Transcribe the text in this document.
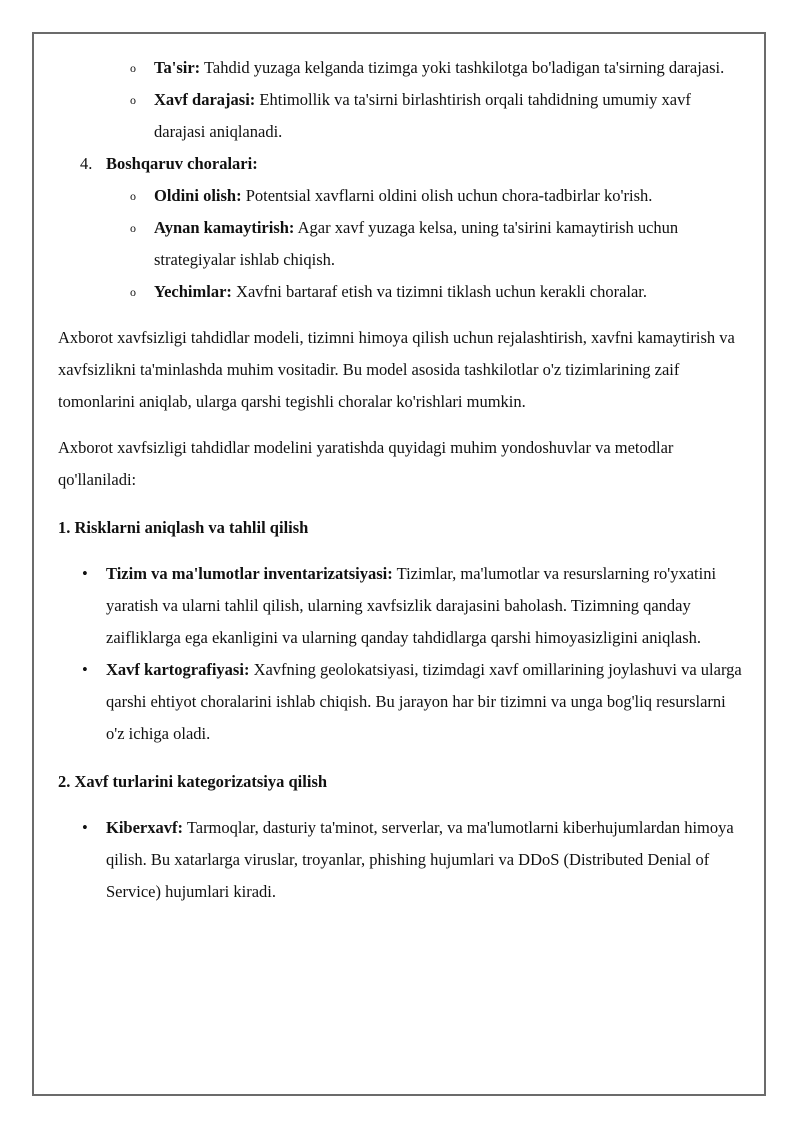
o Ta'sir: Tahdid yuzaga kelganda tizimga yoki tashkilotga bo'ladigan ta'sirning darajasi.
o Xavf darajasi: Ehtimollik va ta'sirni birlashtirish orqali tahdidning umumiy xavf darajasi aniqlanadi.
4. Boshqaruv choralari:
o Oldini olish: Potentsial xavflarni oldini olish uchun chora-tadbirlar ko'rish.
o Aynan kamaytirish: Agar xavf yuzaga kelsa, uning ta'sirini kamaytirish uchun strategiyalar ishlab chiqish.
o Yechimlar: Xavfni bartaraf etish va tizimni tiklash uchun kerakli choralar.

Axborot xavfsizligi tahdidlar modeli, tizimni himoya qilish uchun rejalashtirish, xavfni kamaytirish va xavfsizlikni ta'minlashda muhim vositadir. Bu model asosida tashkilotlar o'z tizimlarining zaif tomonlarini aniqlab, ularga qarshi tegishli choralar ko'rishlari mumkin.

Axborot xavfsizligi tahdidlar modelini yaratishda quyidagi muhim yondoshuvlar va metodlar qo'llaniladi:

1. Risklarni aniqlash va tahlil qilish

• Tizim va ma'lumotlar inventarizatsiyasi: Tizimlar, ma'lumotlar va resurslarning ro'yxatini yaratish va ularni tahlil qilish, ularning xavfsizlik darajasini baholash. Tizimning qanday zaifliklarga ega ekanligini va ularning qanday tahdidlarga qarshi himoyasizligini aniqlash.
• Xavf kartografiyasi: Xavfning geolokatsiyasi, tizimdagi xavf omillarining joylashuvi va ularga qarshi ehtiyot choralarini ishlab chiqish. Bu jarayon har bir tizimni va unga bog'liq resurslarni o'z ichiga oladi.

2. Xavf turlarini kategorizatsiya qilish

• Kiberxavf: Tarmoqlar, dasturiy ta'minot, serverlar, va ma'lumotlarni kiberhujumlardan himoya qilish. Bu xatarlarga viruslar, troyanlar, phishing hujumlari va DDoS (Distributed Denial of Service) hujumlari kiradi.
